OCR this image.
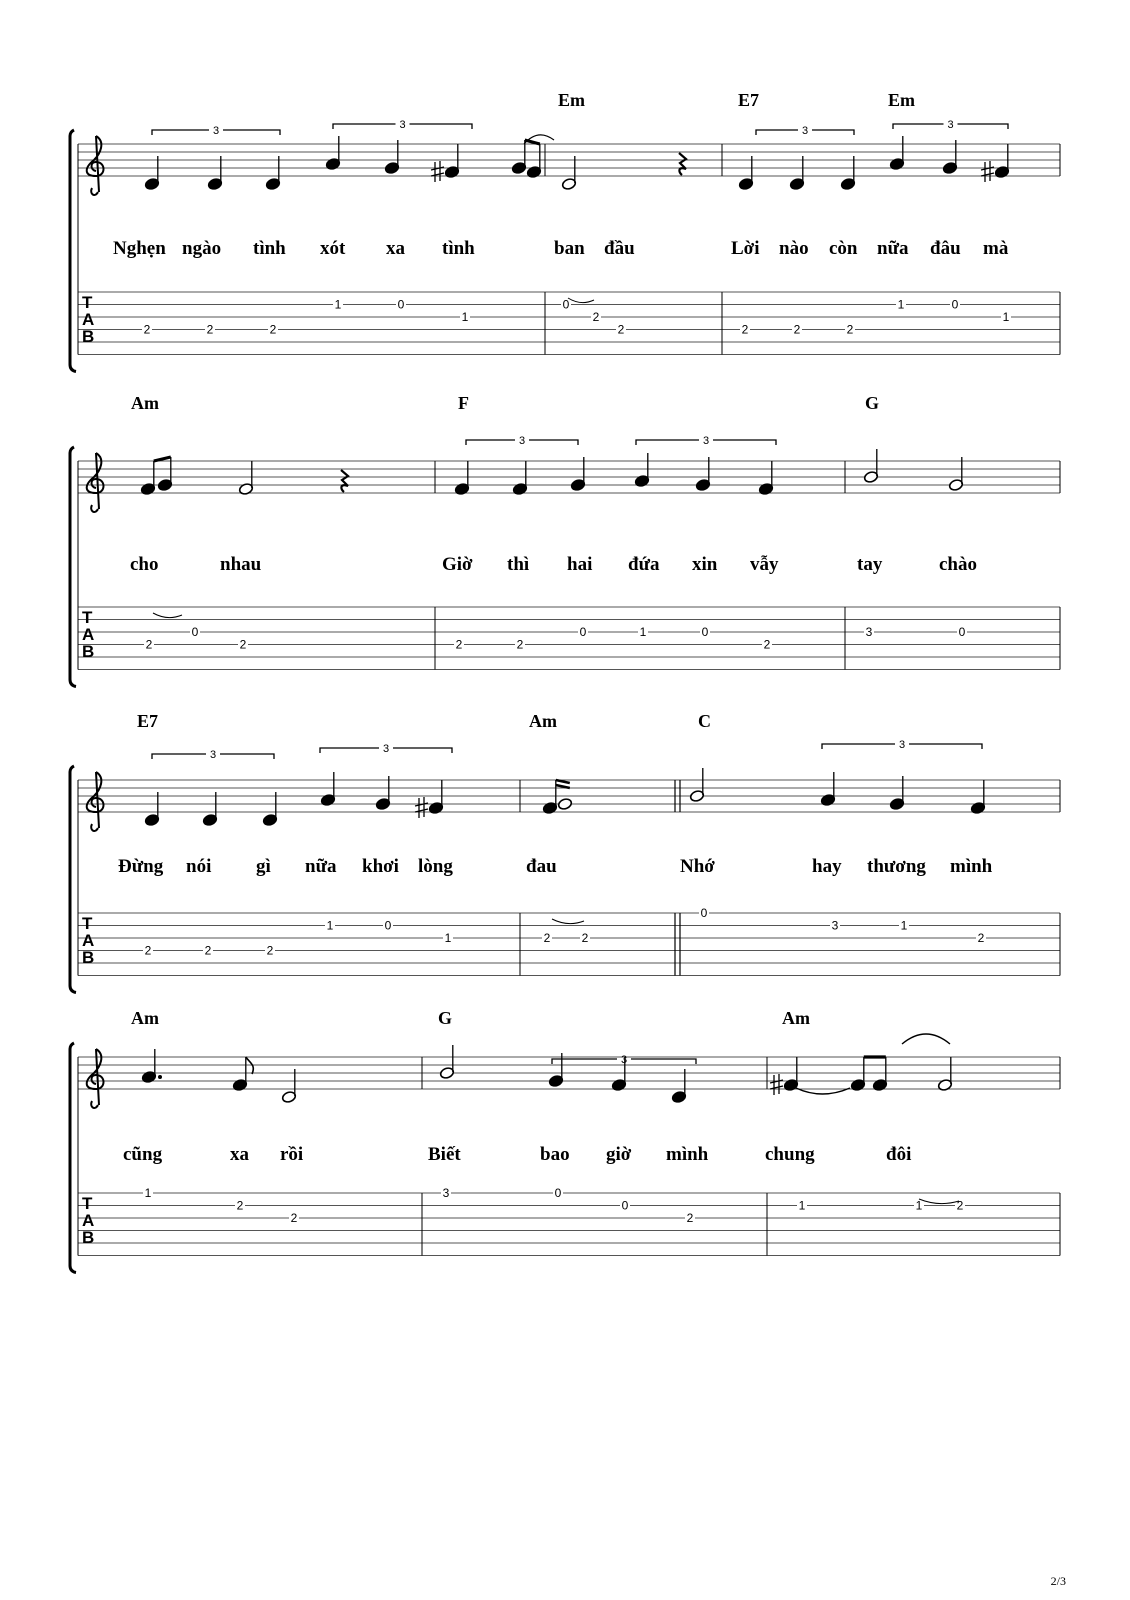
T
A
B
Em	E7	Em
Nghẹn ngào tình xót xa tình	ban đầu	Lời nào còn nữa đâu mà
3	3	3	3
2	2	2
1	0
1
0
2
2	2	2	2
1	0
1
T
A
B
Am	F	G
cho	nhau	Giờ thì hai đứa xin vẫy	tay	chào
3	3
2
0
2	2	2
0	1	0
2
3	0
T
A
B
E7	Am	C
Đừng nói gì nữa khơi lòng	đau	Nhớ	hay thương mình
3	3	3
2	2	2
1	0
1	2	2
0
3	1
2
T
A
B
Am	G	Am
cũng	xa rồi	Biết	bao giờ mình	chung	đôi
3
1
2
2
3	0
0
2
1	1	2
2/3
